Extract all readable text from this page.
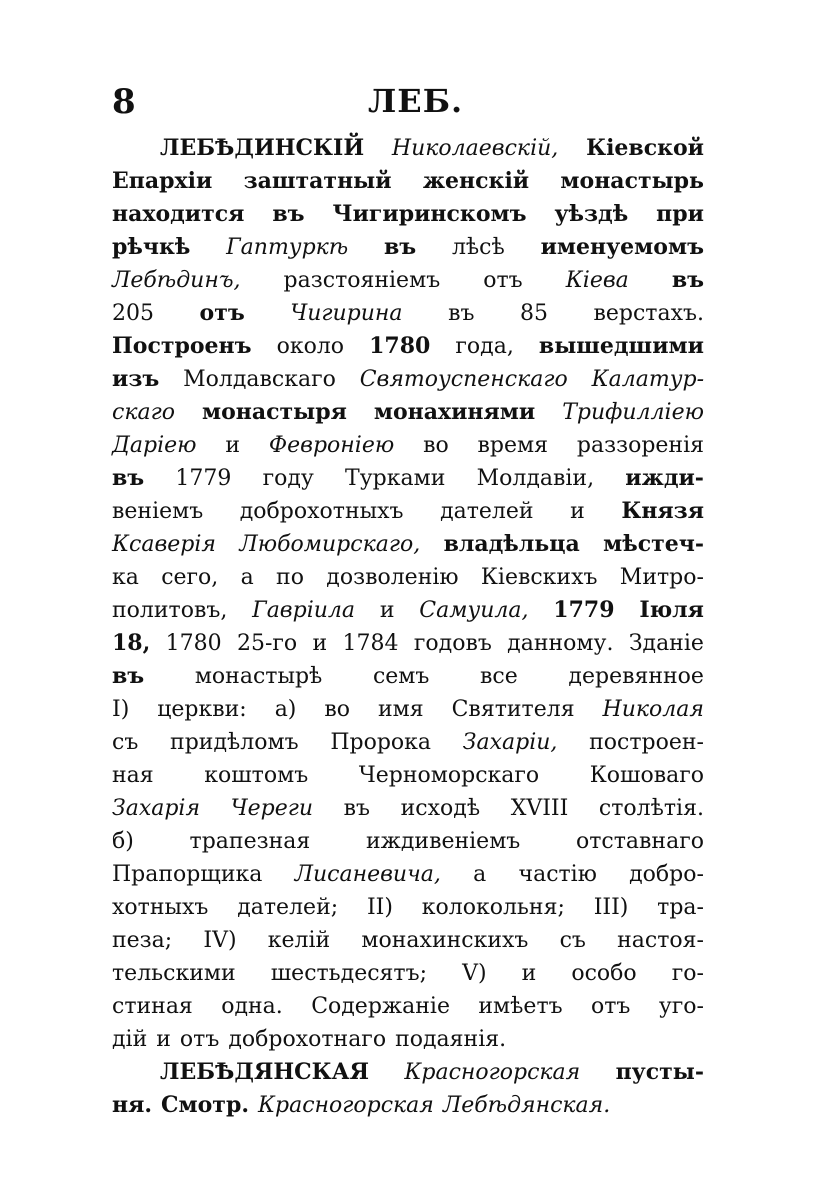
8	ЛЕБ.
ЛЕБѢДИНСКІЙ Николаевскій, Кіевской
Епархіи заштатный женскій монастырь
находится въ Чигиринскомъ уѣздѣ при
рѣчкѣ Гаптуркѣ въ лѣсѣ именуемомъ
Лебѣдинъ, разстояніемъ отъ Кіева въ
205 отъ Чигирина въ 85 верстахъ.
Построенъ около 1780 года, вышедшими
изъ Молдавскаго Святоуспенскаго Калатур-
скаго монастыря монахинями Трифилліею
Даріею и Февроніею во время раззоренія
въ 1779 году Турками Молдавіи, ижди-
веніемъ доброхотныхъ дателей и Князя
Ксаверія Любомирскаго, владѣльца мѣстеч-
ка сего, а по дозволенію Кіевскихъ Митро-
политовъ, Гавріила и Самуила, 1779 Іюля
18, 1780 25-го и 1784 годовъ данному. Зданіе
въ монастырѣ семъ все деревянное
I) церкви: а) во имя Святителя Николая
съ придѣломъ Пророка Захаріи, построен-
ная коштомъ Черноморскаго Кошоваго
Захарія Череги въ исходѣ XVIII столѣтія.
б)	трапезная	иждивеніемъ	отставнаго
Прапорщика Лисаневича, а частію добро-
хотныхъ дателей; II) колокольня; III) тра-
пеза; IV) келій монахинскихъ съ настоя-
тельскими шестьдесятъ; V) и особо го-
стиная одна. Содержаніе имѣетъ отъ уго-
дій и отъ доброхотнаго подаянія.
ЛЕБѢДЯНСКАЯ Красногорская пусты-
ня. Смотр. Красногорская Лебѣдянская.
